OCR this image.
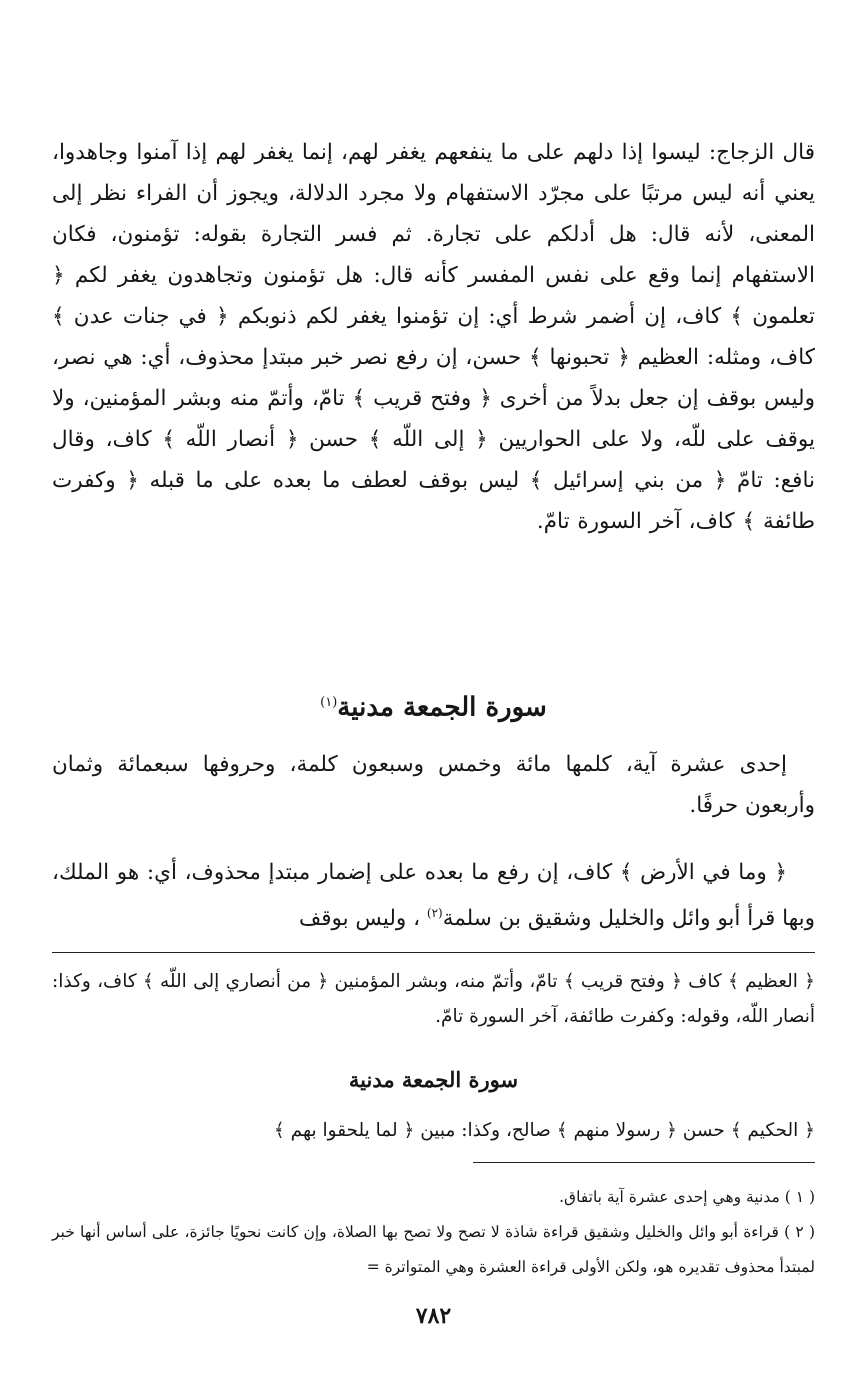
قال الزجاج: ليسوا إذا دلهم على ما ينفعهم يغفر لهم، إنما يغفر لهم إذا آمنوا وجاهدوا، يعني أنه ليس مرتبًا على مجرّد الاستفهام ولا مجرد الدلالة، ويجوز أن الفراء نظر إلى المعنى، لأنه قال: هل أدلكم على تجارة. ثم فسر التجارة بقوله: تؤمنون، فكان الاستفهام إنما وقع على نفس المفسر كأنه قال: هل تؤمنون وتجاهدون يغفر لكم ﴿ تعلمون ﴾ كاف، إن أضمر شرط أي: إن تؤمنوا يغفر لكم ذنوبكم ﴿ في جنات عدن ﴾ كاف، ومثله: العظيم ﴿ تحبونها ﴾ حسن، إن رفع نصر خبر مبتدإ محذوف، أي: هي نصر، وليس بوقف إن جعل بدلاً من أخرى ﴿ وفتح قريب ﴾ تامّ، وأتمّ منه وبشر المؤمنين، ولا يوقف على للّه، ولا على الحواريين ﴿ إلى اللّه ﴾ حسن ﴿ أنصار اللّه ﴾ كاف، وقال نافع: تامّ ﴿ من بني إسرائيل ﴾ ليس بوقف لعطف ما بعده على ما قبله ﴿ وكفرت طائفة ﴾ كاف، آخر السورة تامّ.

سورة الجمعة مدنية$^{(١)}$

إحدى عشرة آية، كلمها مائة وخمس وسبعون كلمة، وحروفها سبعمائة وثمان وأربعون حرفًا.

﴿ وما في الأرض ﴾ كاف، إن رفع ما بعده على إضمار مبتدإ محذوف، أي: هو الملك، وبها قرأ أبو وائل والخليل وشقيق بن سلمة$^{(٢)}$ ، وليس بوقف

﴿ العظيم ﴾ كاف ﴿ وفتح قريب ﴾ تامّ، وأتمّ منه، وبشر المؤمنين ﴿ من أنصاري إلى اللّه ﴾ كاف، وكذا: أنصار اللّه، وقوله: وكفرت طائفة، آخر السورة تامّ.

سورة الجمعة مدنية

﴿ الحكيم ﴾ حسن ﴿ رسولا منهم ﴾ صالح، وكذا: مبين ﴿ لما يلحقوا بهم ﴾

( ١ ) مدنية وهي إحدى عشرة آية باتفاق.

( ٢ ) قراءة أبو وائل والخليل وشقيق قراءة شاذة لا تصح ولا تصح بها الصلاة، وإن كانت نحويًا جائزة، على أساس أنها خبر لمبتدأ محذوف تقديره هو، ولكن الأولى قراءة العشرة وهي المتواترة =

٧٨٢
